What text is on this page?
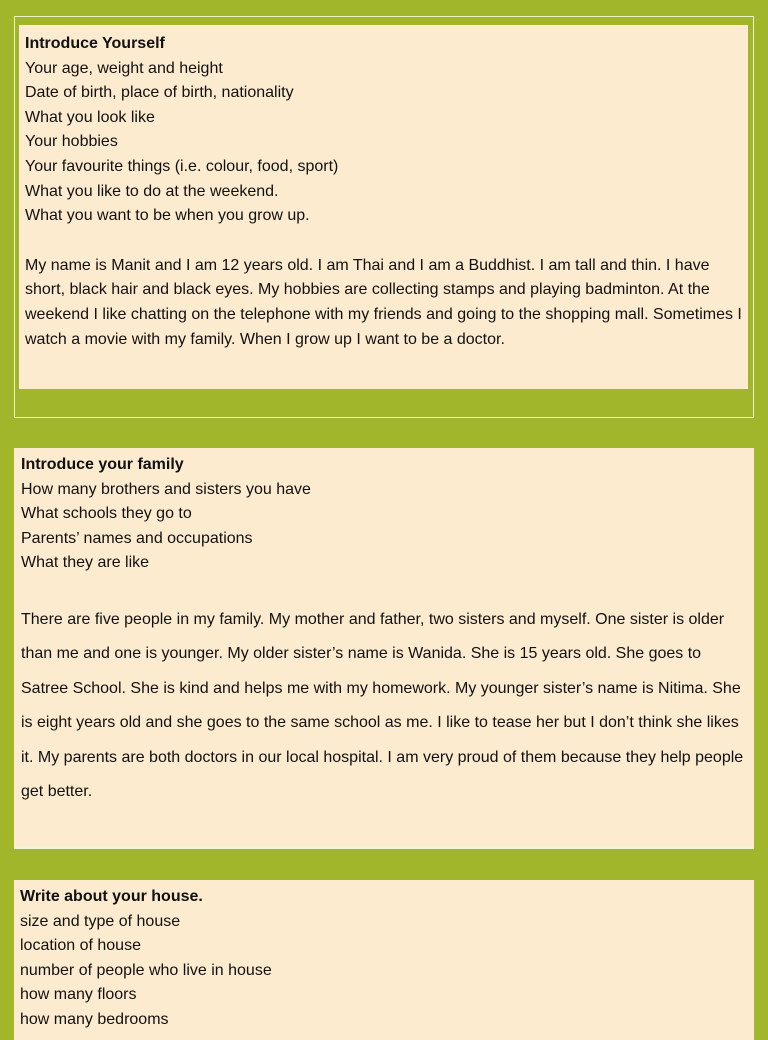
Introduce Yourself

Your age, weight and height

Date of birth, place of birth, nationality

What you look like

Your hobbies

Your favourite things (i.e. colour, food, sport)

What you like to do at the weekend.

What you want to be when you grow up.

My name is Manit and I am 12 years old. I am Thai and I am a Buddhist. I am tall and thin. I have short, black hair and black eyes. My hobbies are collecting stamps and playing badminton. At the weekend I like chatting on the telephone with my friends and going to the shopping mall. Sometimes I watch a movie with my family. When I grow up I want to be a doctor.

Introduce your family

How many brothers and sisters you have

What schools they go to

Parents’ names and occupations

What they are like

There are five people in my family. My mother and father, two sisters and myself. One sister is older than me and one is younger. My older sister’s name is Wanida. She is 15 years old. She goes to Satree School. She is kind and helps me with my homework. My younger sister’s name is Nitima. She is eight years old and she goes to the same school as me. I like to tease her but I don’t think she likes it. My parents are both doctors in our local hospital. I am very proud of them because they help people get better.

Write about your house.

size and type of house

location of house

number of people who live in house

how many floors

how many bedrooms
